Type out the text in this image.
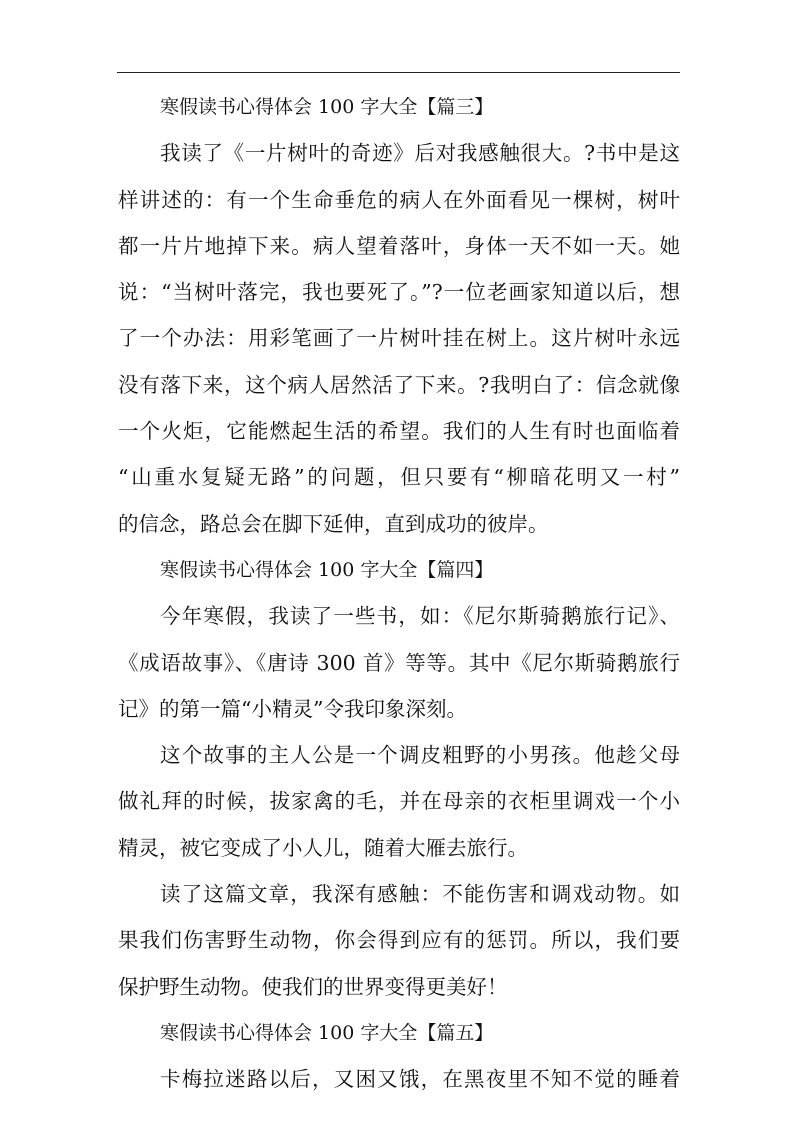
寒假读书心得体会 100 字大全【篇三】
我读了《一片树叶的奇迹》后对我感触很大。?书中是这
样讲述的：有一个生命垂危的病人在外面看见一棵树，树叶
都一片片地掉下来。病人望着落叶，身体一天不如一天。她
说：“当树叶落完，我也要死了。”?一位老画家知道以后，想
了一个办法：用彩笔画了一片树叶挂在树上。这片树叶永远
没有落下来，这个病人居然活了下来。?我明白了：信念就像
一个火炬，它能燃起生活的希望。我们的人生有时也面临着
“山重水复疑无路”的问题，但只要有“柳暗花明又一村”
的信念，路总会在脚下延伸，直到成功的彼岸。
寒假读书心得体会 100 字大全【篇四】
今年寒假，我读了一些书，如：《尼尔斯骑鹅旅行记》、
《成语故事》、《唐诗 300 首》等等。其中《尼尔斯骑鹅旅行
记》的第一篇“小精灵”令我印象深刻。
这个故事的主人公是一个调皮粗野的小男孩。他趁父母
做礼拜的时候，拔家禽的毛，并在母亲的衣柜里调戏一个小
精灵，被它变成了小人儿，随着大雁去旅行。
读了这篇文章，我深有感触：不能伤害和调戏动物。如
果我们伤害野生动物，你会得到应有的惩罚。所以，我们要
保护野生动物。使我们的世界变得更美好！
寒假读书心得体会 100 字大全【篇五】
卡梅拉迷路以后，又困又饿，在黑夜里不知不觉的睡着
